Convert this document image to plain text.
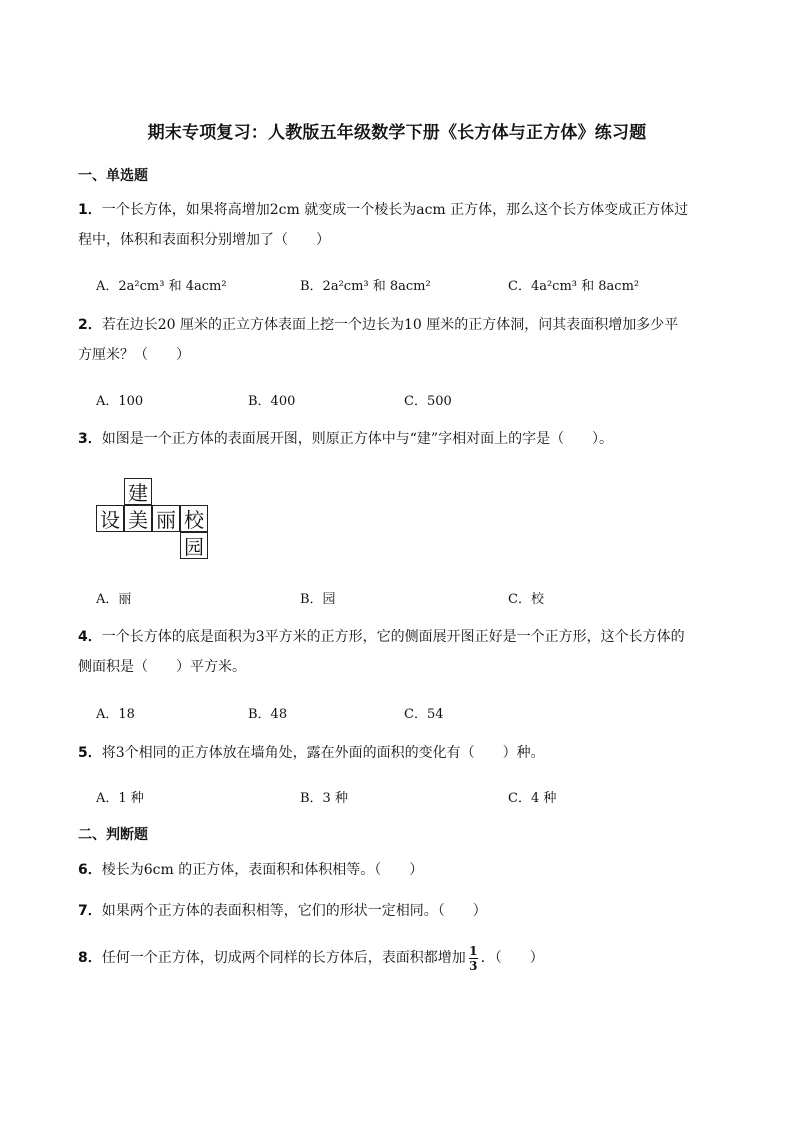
期末专项复习：人教版五年级数学下册《长方体与正方体》练习题
一、单选题
1．一个长方体，如果将高增加2cm 就变成一个棱长为acm 正方体，那么这个长方体变成正方体过
程中，体积和表面积分别增加了（　　）
A．2a²cm³ 和 4acm²	B．2a²cm³ 和 8acm²	C．4a²cm³ 和 8acm²
2．若在边长20 厘米的正立方体表面上挖一个边长为10 厘米的正方体洞，问其表面积增加多少平
方厘米？（　　）
A．100	B．400	C．500
3．如图是一个正方体的表面展开图，则原正方体中与“建”字相对面上的字是（　　）。
建
设 美 丽 校
园
A．丽	B．园	C．校
4．一个长方体的底是面积为3平方米的正方形，它的侧面展开图正好是一个正方形，这个长方体的
侧面积是（　　）平方米。
A．18	B．48	C．54
5．将3个相同的正方体放在墙角处，露在外面的面积的变化有（　　）种。
A．1 种	B．3 种	C．4 种
二、判断题
6．棱长为6cm 的正方体，表面积和体积相等。（　　）
7．如果两个正方体的表面积相等，它们的形状一定相同。（　　）
8．任何一个正方体，切成两个同样的长方体后，表面积都增加 $\frac{1}{3}$ ．（　　）
